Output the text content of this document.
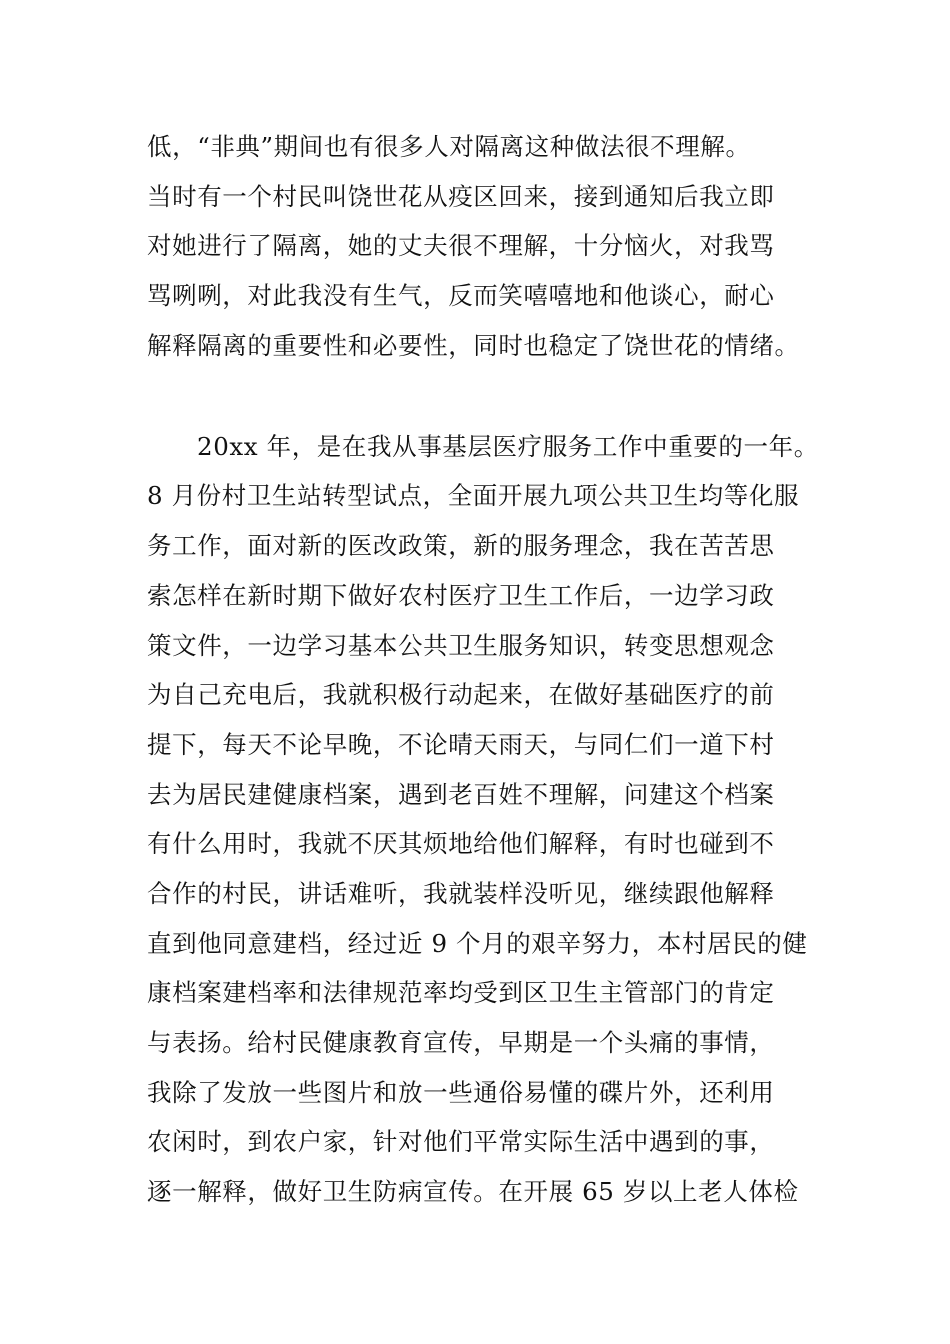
低，“非典”期间也有很多人对隔离这种做法很不理解。
当时有一个村民叫饶世花从疫区回来，接到通知后我立即
对她进行了隔离，她的丈夫很不理解，十分恼火，对我骂
骂咧咧，对此我没有生气，反而笑嘻嘻地和他谈心，耐心
解释隔离的重要性和必要性，同时也稳定了饶世花的情绪。
20xx 年，是在我从事基层医疗服务工作中重要的一年。
8 月份村卫生站转型试点，全面开展九项公共卫生均等化服
务工作，面对新的医改政策，新的服务理念，我在苦苦思
索怎样在新时期下做好农村医疗卫生工作后，一边学习政
策文件，一边学习基本公共卫生服务知识，转变思想观念
为自己充电后，我就积极行动起来，在做好基础医疗的前
提下，每天不论早晚，不论晴天雨天，与同仁们一道下村
去为居民建健康档案，遇到老百姓不理解，问建这个档案
有什么用时，我就不厌其烦地给他们解释，有时也碰到不
合作的村民，讲话难听，我就装样没听见，继续跟他解释
直到他同意建档，经过近 9 个月的艰辛努力，本村居民的健
康档案建档率和法律规范率均受到区卫生主管部门的肯定
与表扬。给村民健康教育宣传，早期是一个头痛的事情，
我除了发放一些图片和放一些通俗易懂的碟片外，还利用
农闲时，到农户家，针对他们平常实际生活中遇到的事，
逐一解释，做好卫生防病宣传。在开展 65 岁以上老人体检
